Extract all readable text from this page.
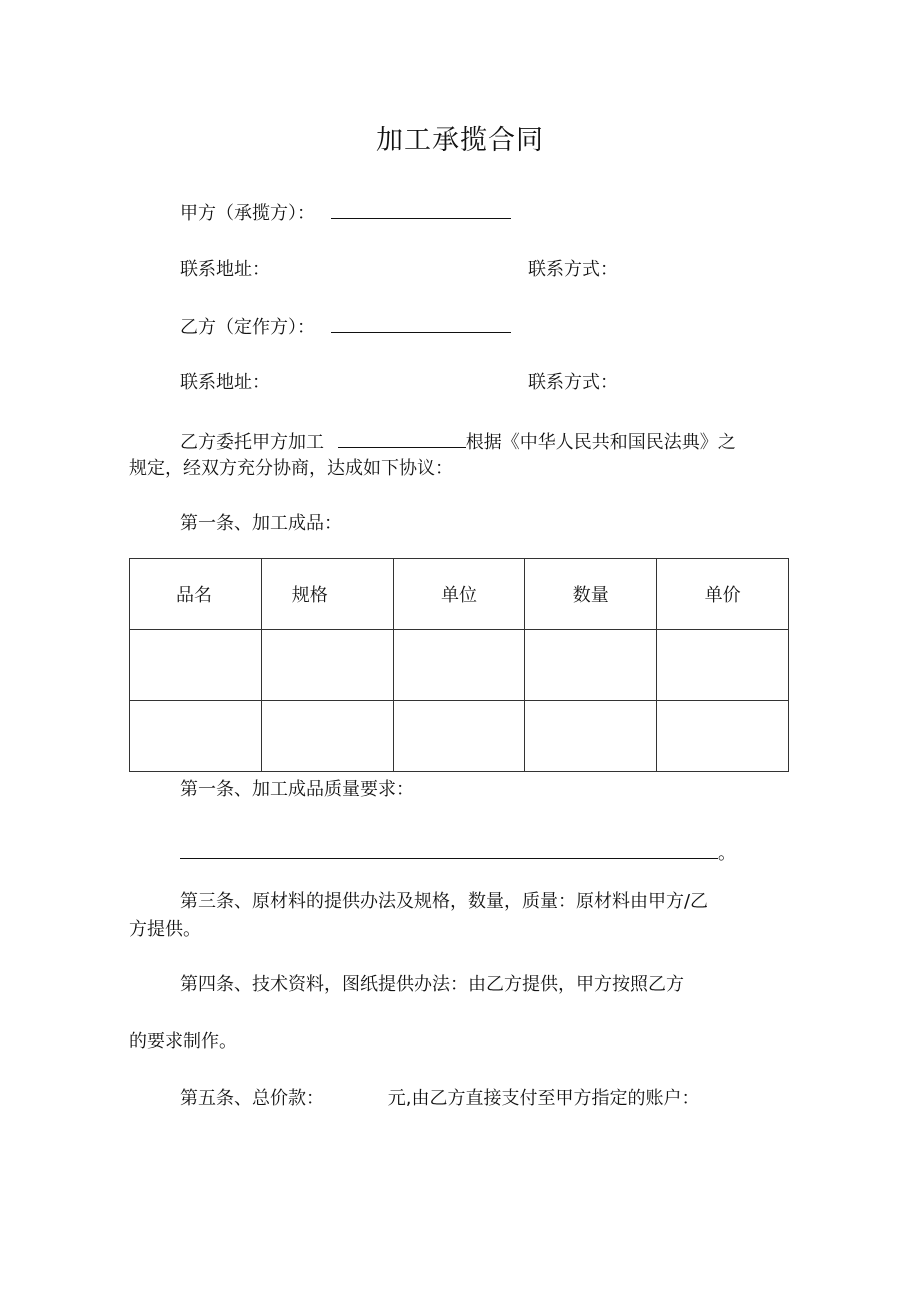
加工承揽合同
甲方（承揽方）：
联系地址：	联系方式：
乙方（定作方）：
联系地址：	联系方式：
乙方委托甲方加工	根据《中华人民共和国民法典》之
规定，经双方充分协商，达成如下协议：
第一条、加工成品：
品名	规格	单位	数量	单价

第一条、加工成品质量要求：
。
第三条、原材料的提供办法及规格，数量，质量：原材料由甲方/乙
方提供。
第四条、技术资料，图纸提供办法：由乙方提供，甲方按照乙方
的要求制作。
第五条、总价款：	元,由乙方直接支付至甲方指定的账户：
